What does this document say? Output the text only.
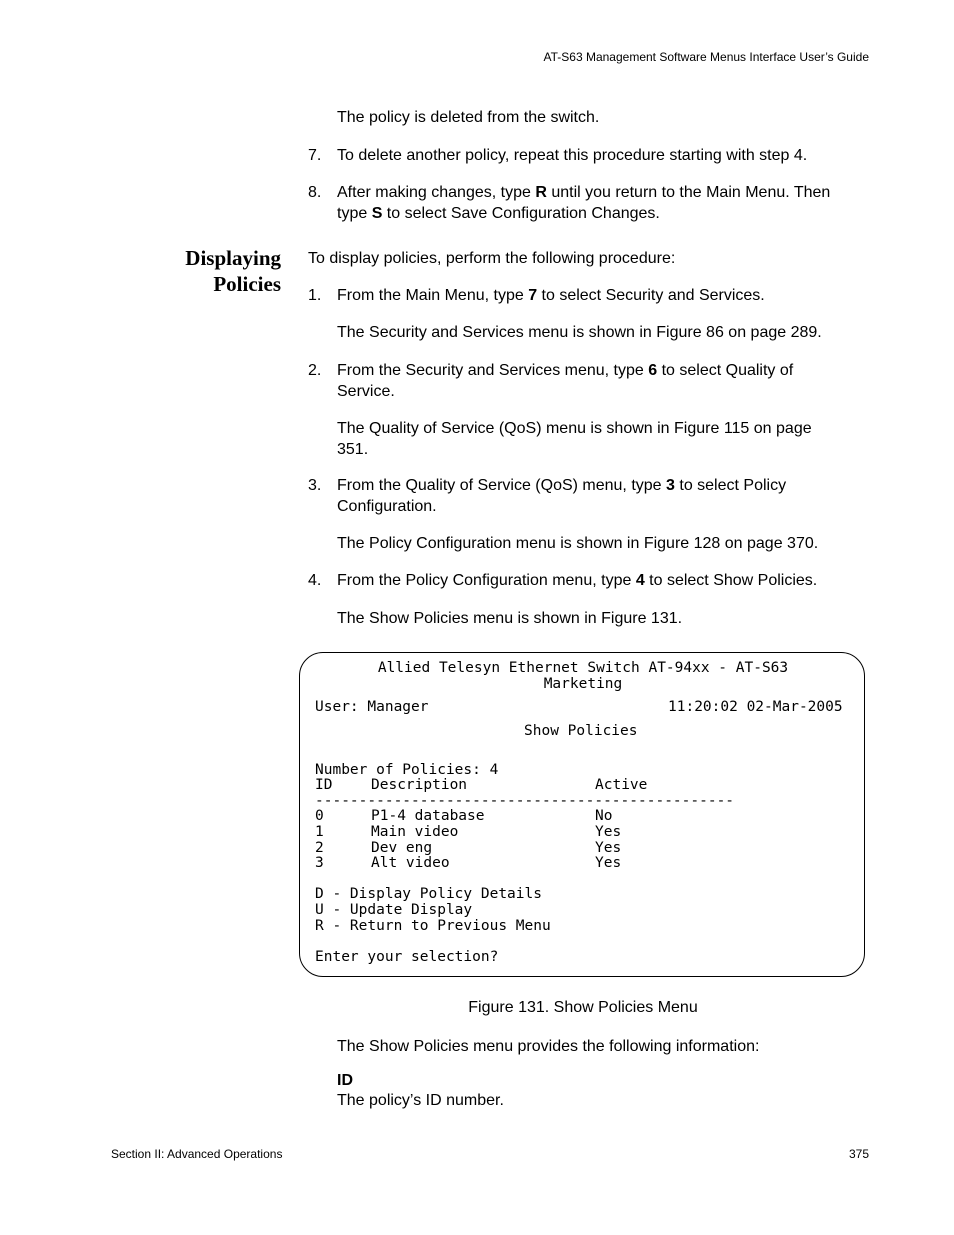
AT-S63 Management Software Menus Interface User’s Guide
The policy is deleted from the switch.
7. To delete another policy, repeat this procedure starting with step 4.
8. After making changes, type R until you return to the Main Menu. Then
type S to select Save Configuration Changes.
Displaying
Policies
To display policies, perform the following procedure:
1. From the Main Menu, type 7 to select Security and Services.
The Security and Services menu is shown in Figure 86 on page 289.
2. From the Security and Services menu, type 6 to select Quality of
Service.
The Quality of Service (QoS) menu is shown in Figure 115 on page
351.
3. From the Quality of Service (QoS) menu, type 3 to select Policy
Configuration.
The Policy Configuration menu is shown in Figure 128 on page 370.
4. From the Policy Configuration menu, type 4 to select Show Policies.
The Show Policies menu is shown in Figure 131.
Allied Telesyn Ethernet Switch AT-94xx - AT-S63
Marketing
User: Manager	11:20:02 02-Mar-2005
Show Policies
Number of Policies: 4
ID	Description	Active
------------------------------------------------
0	P1-4 database	No
1	Main video	Yes
2	Dev eng	Yes
3	Alt video	Yes
D - Display Policy Details
U - Update Display
R - Return to Previous Menu
Enter your selection?
Figure 131. Show Policies Menu
The Show Policies menu provides the following information:
ID
The policy’s ID number.
Section II: Advanced Operations	375
